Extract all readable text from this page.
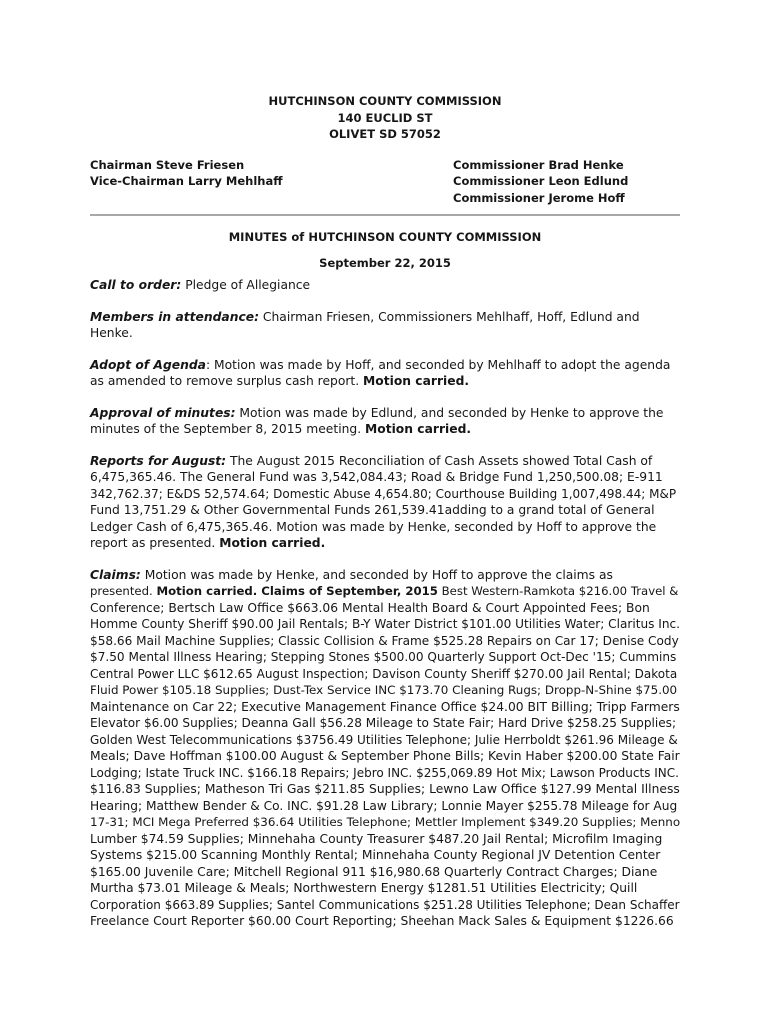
HUTCHINSON COUNTY COMMISSION
140 EUCLID ST
OLIVET SD 57052
Chairman Steve Friesen
Vice-Chairman Larry Mehlhaff
Commissioner Brad Henke
Commissioner Leon Edlund
Commissioner Jerome Hoff
MINUTES of HUTCHINSON COUNTY COMMISSION
September 22, 2015

Call to order: Pledge of Allegiance

Members in attendance: Chairman Friesen, Commissioners Mehlhaff, Hoff, Edlund and Henke.

Adopt of Agenda: Motion was made by Hoff, and seconded by Mehlhaff to adopt the agenda
as amended to remove surplus cash report. Motion carried.

Approval of minutes: Motion was made by Edlund, and seconded by Henke to approve the
minutes of the September 8, 2015 meeting. Motion carried.

Reports for August: The August 2015 Reconciliation of Cash Assets showed Total Cash of
6,475,365.46. The General Fund was 3,542,084.43; Road & Bridge Fund 1,250,500.08; E-911
342,762.37; E&DS 52,574.64; Domestic Abuse 4,654.80; Courthouse Building 1,007,498.44; M&P
Fund 13,751.29 & Other Governmental Funds 261,539.41adding to a grand total of General
Ledger Cash of 6,475,365.46. Motion was made by Henke, seconded by Hoff to approve the
report as presented. Motion carried.

Claims: Motion was made by Henke, and seconded by Hoff to approve the claims as
presented. Motion carried. Claims of September, 2015 Best Western-Ramkota $216.00 Travel &
Conference; Bertsch Law Office $663.06 Mental Health Board & Court Appointed Fees; Bon
Homme County Sheriff $90.00 Jail Rentals; B-Y Water District $101.00 Utilities Water; Claritus Inc.
$58.66 Mail Machine Supplies; Classic Collision & Frame $525.28 Repairs on Car 17; Denise Cody
$7.50 Mental Illness Hearing; Stepping Stones $500.00 Quarterly Support Oct-Dec '15; Cummins
Central Power LLC $612.65 August Inspection; Davison County Sheriff $270.00 Jail Rental; Dakota
Fluid Power $105.18 Supplies; Dust-Tex Service INC $173.70 Cleaning Rugs; Dropp-N-Shine $75.00
Maintenance on Car 22; Executive Management Finance Office $24.00 BIT Billing; Tripp Farmers
Elevator $6.00 Supplies; Deanna Gall $56.28 Mileage to State Fair; Hard Drive $258.25 Supplies;
Golden West Telecommunications $3756.49 Utilities Telephone; Julie Herrboldt $261.96 Mileage &
Meals; Dave Hoffman $100.00 August & September Phone Bills; Kevin Haber $200.00 State Fair
Lodging; Istate Truck INC. $166.18 Repairs; Jebro INC. $255,069.89 Hot Mix; Lawson Products INC.
$116.83 Supplies; Matheson Tri Gas $211.85 Supplies; Lewno Law Office $127.99 Mental Illness
Hearing; Matthew Bender & Co. INC. $91.28 Law Library; Lonnie Mayer $255.78 Mileage for Aug
17-31; MCI Mega Preferred $36.64 Utilities Telephone; Mettler Implement $349.20 Supplies; Menno
Lumber $74.59 Supplies; Minnehaha County Treasurer $487.20 Jail Rental; Microfilm Imaging
Systems $215.00 Scanning Monthly Rental; Minnehaha County Regional JV Detention Center
$165.00 Juvenile Care; Mitchell Regional 911 $16,980.68 Quarterly Contract Charges; Diane
Murtha $73.01 Mileage & Meals; Northwestern Energy $1281.51 Utilities Electricity; Quill
Corporation $663.89 Supplies; Santel Communications $251.28 Utilities Telephone; Dean Schaffer
Freelance Court Reporter $60.00 Court Reporting; Sheehan Mack Sales & Equipment $1226.66
